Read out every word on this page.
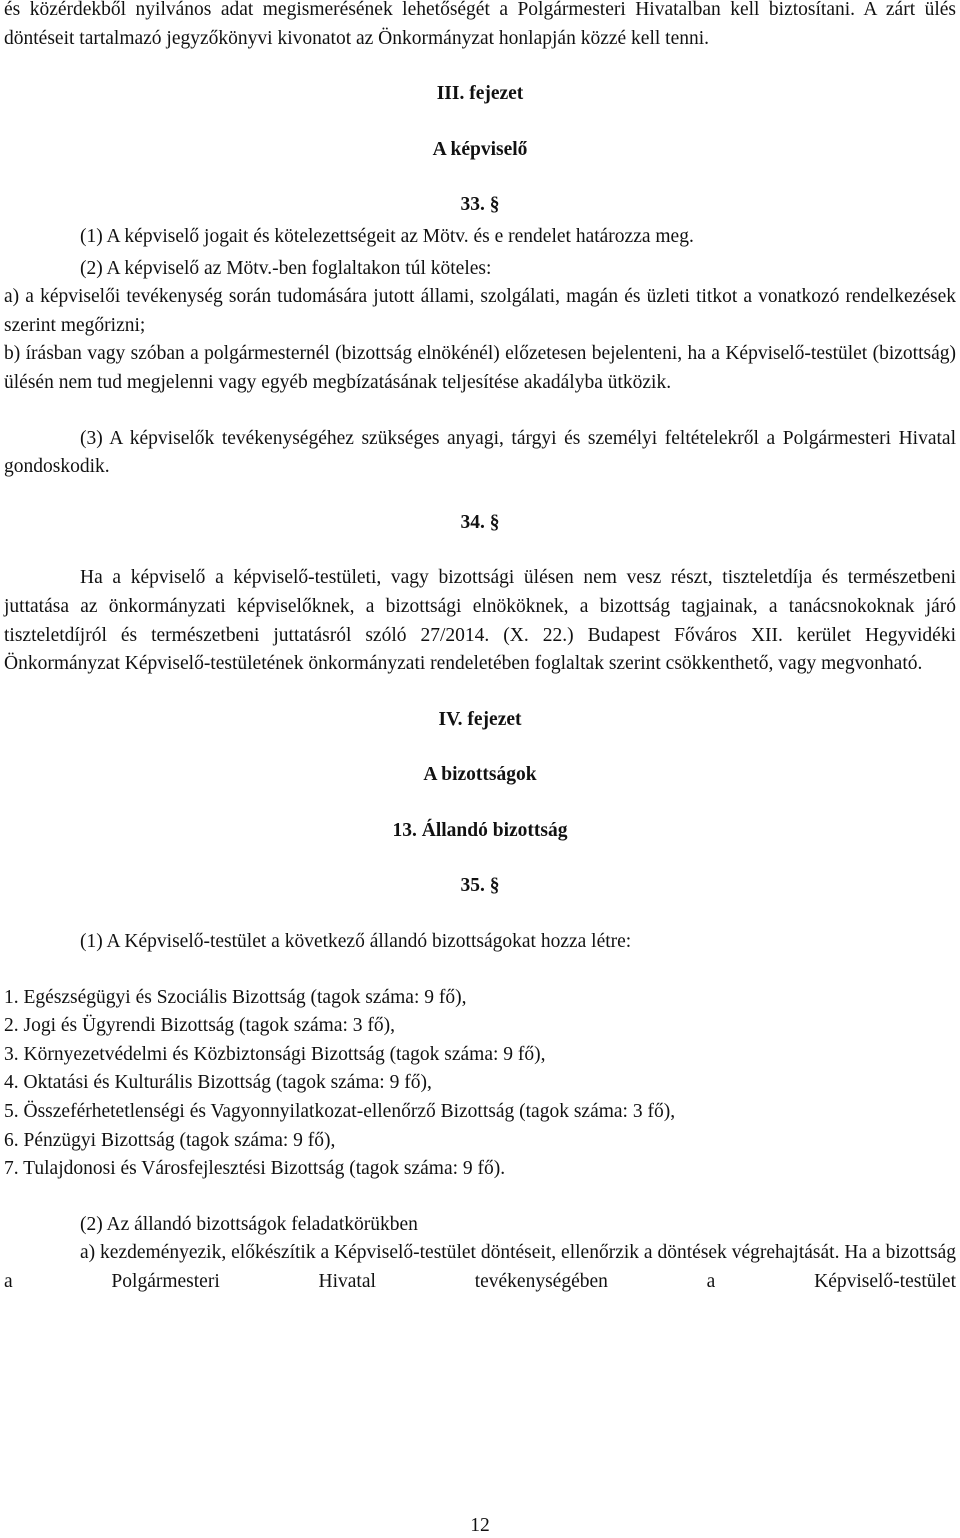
és közérdekből nyilvános adat megismerésének lehetőségét a Polgármesteri Hivatalban kell biztosítani. A zárt ülés döntéseit tartalmazó jegyzőkönyvi kivonatot az Önkormányzat honlapján közzé kell tenni.

III. fejezet

A képviselő

33. §

(1) A képviselő jogait és kötelezettségeit az Mötv. és e rendelet határozza meg.

(2) A képviselő az Mötv.-ben foglaltakon túl köteles:

a) a képviselői tevékenység során tudomására jutott állami, szolgálati, magán és üzleti titkot a vonatkozó rendelkezések szerint megőrizni;

b) írásban vagy szóban a polgármesternél (bizottság elnökénél) előzetesen bejelenteni, ha a Képviselő-testület (bizottság) ülésén nem tud megjelenni vagy egyéb megbízatásának teljesítése akadályba ütközik.

(3) A képviselők tevékenységéhez szükséges anyagi, tárgyi és személyi feltételekről a Polgármesteri Hivatal gondoskodik.

34. §

Ha a képviselő a képviselő-testületi, vagy bizottsági ülésen nem vesz részt, tiszteletdíja és természetbeni juttatása az önkormányzati képviselőknek, a bizottsági elnököknek, a bizottság tagjainak, a tanácsnokoknak járó tiszteletdíjról és természetbeni juttatásról szóló 27/2014. (X. 22.) Budapest Főváros XII. kerület Hegyvidéki Önkormányzat Képviselő-testületének önkormányzati rendeletében foglaltak szerint csökkenthető, vagy megvonható.

IV. fejezet

A bizottságok

13. Állandó bizottság

35. §

(1) A Képviselő-testület a következő állandó bizottságokat hozza létre:

1. Egészségügyi és Szociális Bizottság (tagok száma: 9 fő),

2. Jogi és Ügyrendi Bizottság (tagok száma: 3 fő),

3. Környezetvédelmi és Közbiztonsági Bizottság (tagok száma: 9 fő),

4. Oktatási és Kulturális Bizottság (tagok száma: 9 fő),

5. Összeférhetetlenségi és Vagyonnyilatkozat-ellenőrző Bizottság (tagok száma: 3 fő),

6. Pénzügyi Bizottság (tagok száma: 9 fő),

7. Tulajdonosi és Városfejlesztési Bizottság (tagok száma: 9 fő).

(2) Az állandó bizottságok feladatkörükben

a) kezdeményezik, előkészítik a Képviselő-testület döntéseit, ellenőrzik a döntések végrehajtását. Ha a bizottság a Polgármesteri Hivatal tevékenységében a Képviselő-testület

12
